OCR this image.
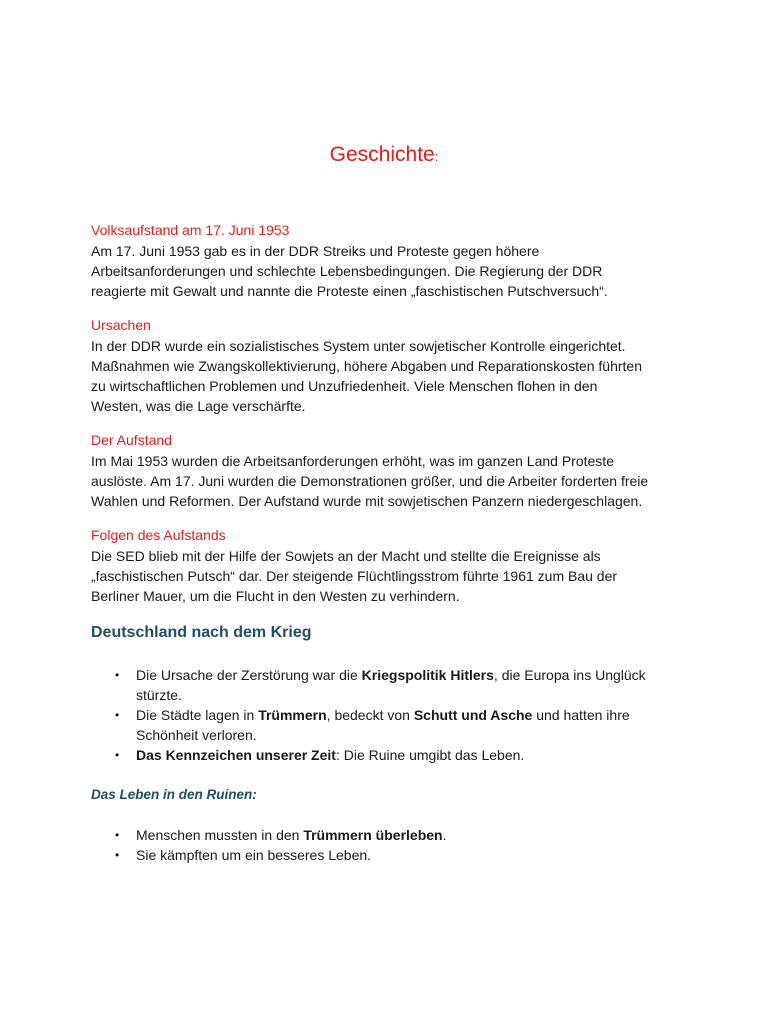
Geschichte:
Volksaufstand am 17. Juni 1953
Am 17. Juni 1953 gab es in der DDR Streiks und Proteste gegen höhere
Arbeitsanforderungen und schlechte Lebensbedingungen. Die Regierung der DDR
reagierte mit Gewalt und nannte die Proteste einen „faschistischen Putschversuch“.
Ursachen
In der DDR wurde ein sozialistisches System unter sowjetischer Kontrolle eingerichtet.
Maßnahmen wie Zwangskollektivierung, höhere Abgaben und Reparationskosten führten
zu wirtschaftlichen Problemen und Unzufriedenheit. Viele Menschen flohen in den
Westen, was die Lage verschärfte.
Der Aufstand
Im Mai 1953 wurden die Arbeitsanforderungen erhöht, was im ganzen Land Proteste
auslöste. Am 17. Juni wurden die Demonstrationen größer, und die Arbeiter forderten freie
Wahlen und Reformen. Der Aufstand wurde mit sowjetischen Panzern niedergeschlagen.
Folgen des Aufstands
Die SED blieb mit der Hilfe der Sowjets an der Macht und stellte die Ereignisse als
„faschistischen Putsch“ dar. Der steigende Flüchtlingsstrom führte 1961 zum Bau der
Berliner Mauer, um die Flucht in den Westen zu verhindern.
Deutschland nach dem Krieg
• Die Ursache der Zerstörung war die Kriegspolitik Hitlers, die Europa ins Unglück
stürzte.
• Die Städte lagen in Trümmern, bedeckt von Schutt und Asche und hatten ihre
Schönheit verloren.
• Das Kennzeichen unserer Zeit: Die Ruine umgibt das Leben.
Das Leben in den Ruinen:
• Menschen mussten in den Trümmern überleben.
• Sie kämpften um ein besseres Leben.
